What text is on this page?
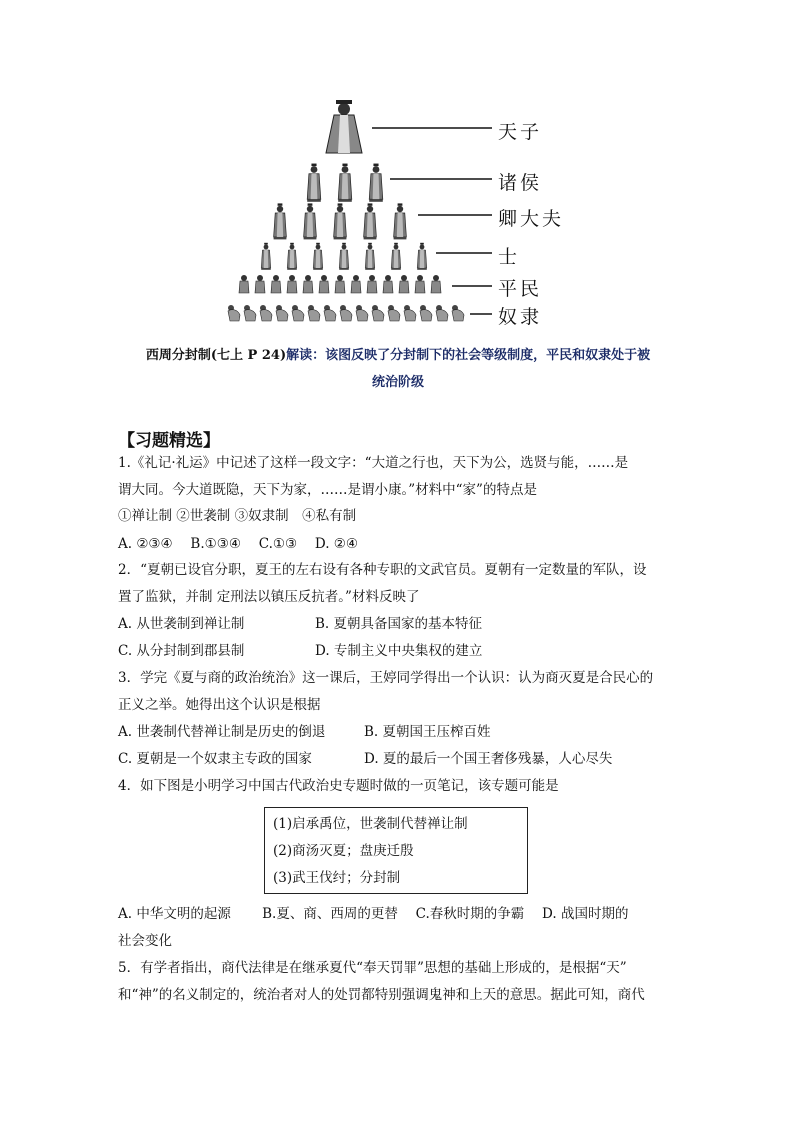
天子
诸侯
卿大夫
士
平民
奴隶
西周分封制(七上 P 24)解读：该图反映了分封制下的社会等级制度，平民和奴隶处于被
统治阶级
【习题精选】
1.《礼记·礼运》中记述了这样一段文字：“大道之行也，天下为公，选贤与能，……是
谓大同。今大道既隐，天下为家，……是谓小康。”材料中“家”的特点是
①禅让制 ②世袭制 ③奴隶制　④私有制
A. ②③④　 B.①③④　 C.①③　 D. ②④
2．“夏朝已设官分职，夏王的左右设有各种专职的文武官员。夏朝有一定数量的军队，设
置了监狱，并制 定刑法以镇压反抗者。”材料反映了
A. 从世袭制到禅让制	B. 夏朝具备国家的基本特征
C. 从分封制到郡县制	D. 专制主义中央集权的建立
3．学完《夏与商的政治统治》这一课后，王婷同学得出一个认识：认为商灭夏是合民心的
正义之举。她得出这个认识是根据
A. 世袭制代替禅让制是历史的倒退	B. 夏朝国王压榨百姓
C. 夏朝是一个奴隶主专政的国家	D. 夏的最后一个国王奢侈残暴，人心尽失
4．如下图是小明学习中国古代政治史专题时做的一页笔记，该专题可能是
(1)启承禹位，世袭制代替禅让制
(2)商汤灭夏；盘庚迁殷
(3)武王伐纣；分封制
A. 中华文明的起源　　 B.夏、商、西周的更替　 C.春秋时期的争霸　 D. 战国时期的
社会变化
5．有学者指出，商代法律是在继承夏代“奉天罚罪”思想的基础上形成的，是根据“天”
和“神”的名义制定的，统治者对人的处罚都特别强调鬼神和上天的意思。据此可知，商代
